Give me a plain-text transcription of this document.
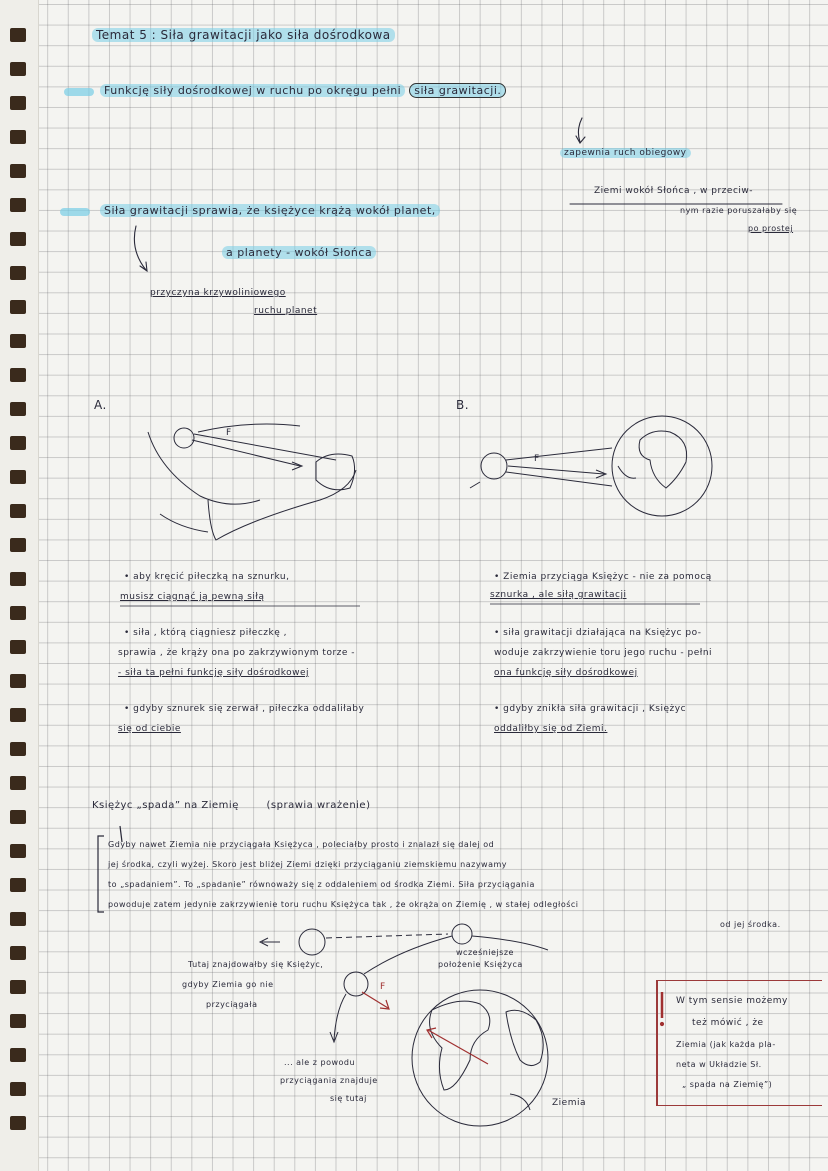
Temat 5 : Siła grawitacji jako siła dośrodkowa
Funkcję siły dośrodkowej w ruchu po okręgu pełni siła grawitacji.
zapewnia ruch obiegowy
Ziemi wokół Słońca , w przeciw-
nym razie poruszałaby się
po prostej
Siła grawitacji sprawia, że księżyce krążą wokół planet,
a planety - wokół Słońca
przyczyna krzywoliniowego
ruchu planet
A.	B.
F
F
• aby kręcić piłeczką na sznurku,
musisz ciągnąć ją pewną siłą
• siła , którą ciągniesz piłeczkę ,
sprawia , że krąży ona po zakrzywionym torze -
- siła ta pełni funkcję siły dośrodkowej
• gdyby sznurek się zerwał , piłeczka oddaliłaby
się od ciebie
• Ziemia przyciąga Księżyc - nie za pomocą
sznurka , ale siłą grawitacji
• siła grawitacji działająca na Księżyc po-
woduje zakrzywienie toru jego ruchu - pełni
ona funkcję siły dośrodkowej
• gdyby znikła siła grawitacji , Księżyc
oddaliłby się od Ziemi.
Księżyc „spada” na Ziemię	(sprawia wrażenie)
Gdyby nawet Ziemia nie przyciągała Księżyca , poleciałby prosto i znalazł się dalej od
jej środka, czyli wyżej. Skoro jest bliżej Ziemi dzięki przyciąganiu ziemskiemu nazywamy
to „spadaniem”. To „spadanie” równoważy się z oddaleniem od środka Ziemi. Siła przyciągania
powoduje zatem jedynie zakrzywienie toru ruchu Księżyca tak , że okrąża on Ziemię , w stałej odległości
od jej środka.
Tutaj znajdowałby się Księżyc,
gdyby Ziemia go nie
przyciągała
wcześniejsze
położenie Księżyca
... ale z powodu
przyciągania znajduje
się tutaj	Ziemia
F
W tym sensie możemy
też mówić , że
Ziemia (jak każda pla-
neta w Układzie Sł.
„ spada na Ziemię”)
